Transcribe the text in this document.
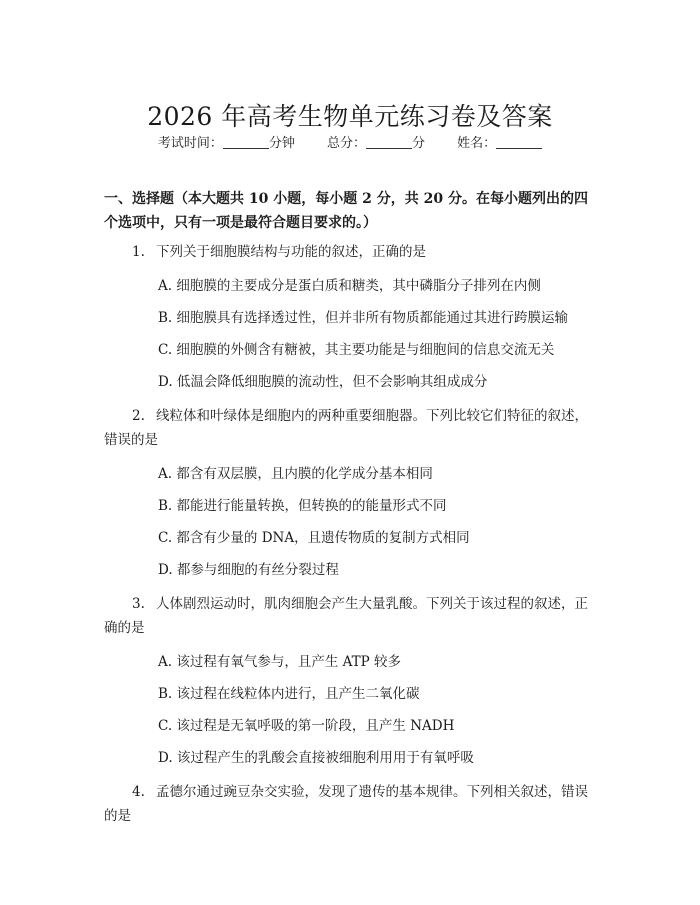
2026 年高考生物单元练习卷及答案
考试时间：	分钟 总分：	分 姓名：
一、选择题（本大题共 10 小题，每小题 2 分，共 20 分。在每小题列出的四个选项中，只有一项是最符合题目要求的。）

1. 下列关于细胞膜结构与功能的叙述，正确的是

A. 细胞膜的主要成分是蛋白质和糖类，其中磷脂分子排列在内侧

B. 细胞膜具有选择透过性，但并非所有物质都能通过其进行跨膜运输

C. 细胞膜的外侧含有糖被，其主要功能是与细胞间的信息交流无关

D. 低温会降低细胞膜的流动性，但不会影响其组成成分

2. 线粒体和叶绿体是细胞内的两种重要细胞器。下列比较它们特征的叙述，错误的是

A. 都含有双层膜，且内膜的化学成分基本相同

B. 都能进行能量转换，但转换的的能量形式不同

C. 都含有少量的 DNA，且遗传物质的复制方式相同

D. 都参与细胞的有丝分裂过程

3. 人体剧烈运动时，肌肉细胞会产生大量乳酸。下列关于该过程的叙述，正确的是

A. 该过程有氧气参与，且产生 ATP 较多

B. 该过程在线粒体内进行，且产生二氧化碳

C. 该过程是无氧呼吸的第一阶段，且产生 NADH

D. 该过程产生的乳酸会直接被细胞利用用于有氧呼吸

4. 孟德尔通过豌豆杂交实验，发现了遗传的基本规律。下列相关叙述，错误的是
